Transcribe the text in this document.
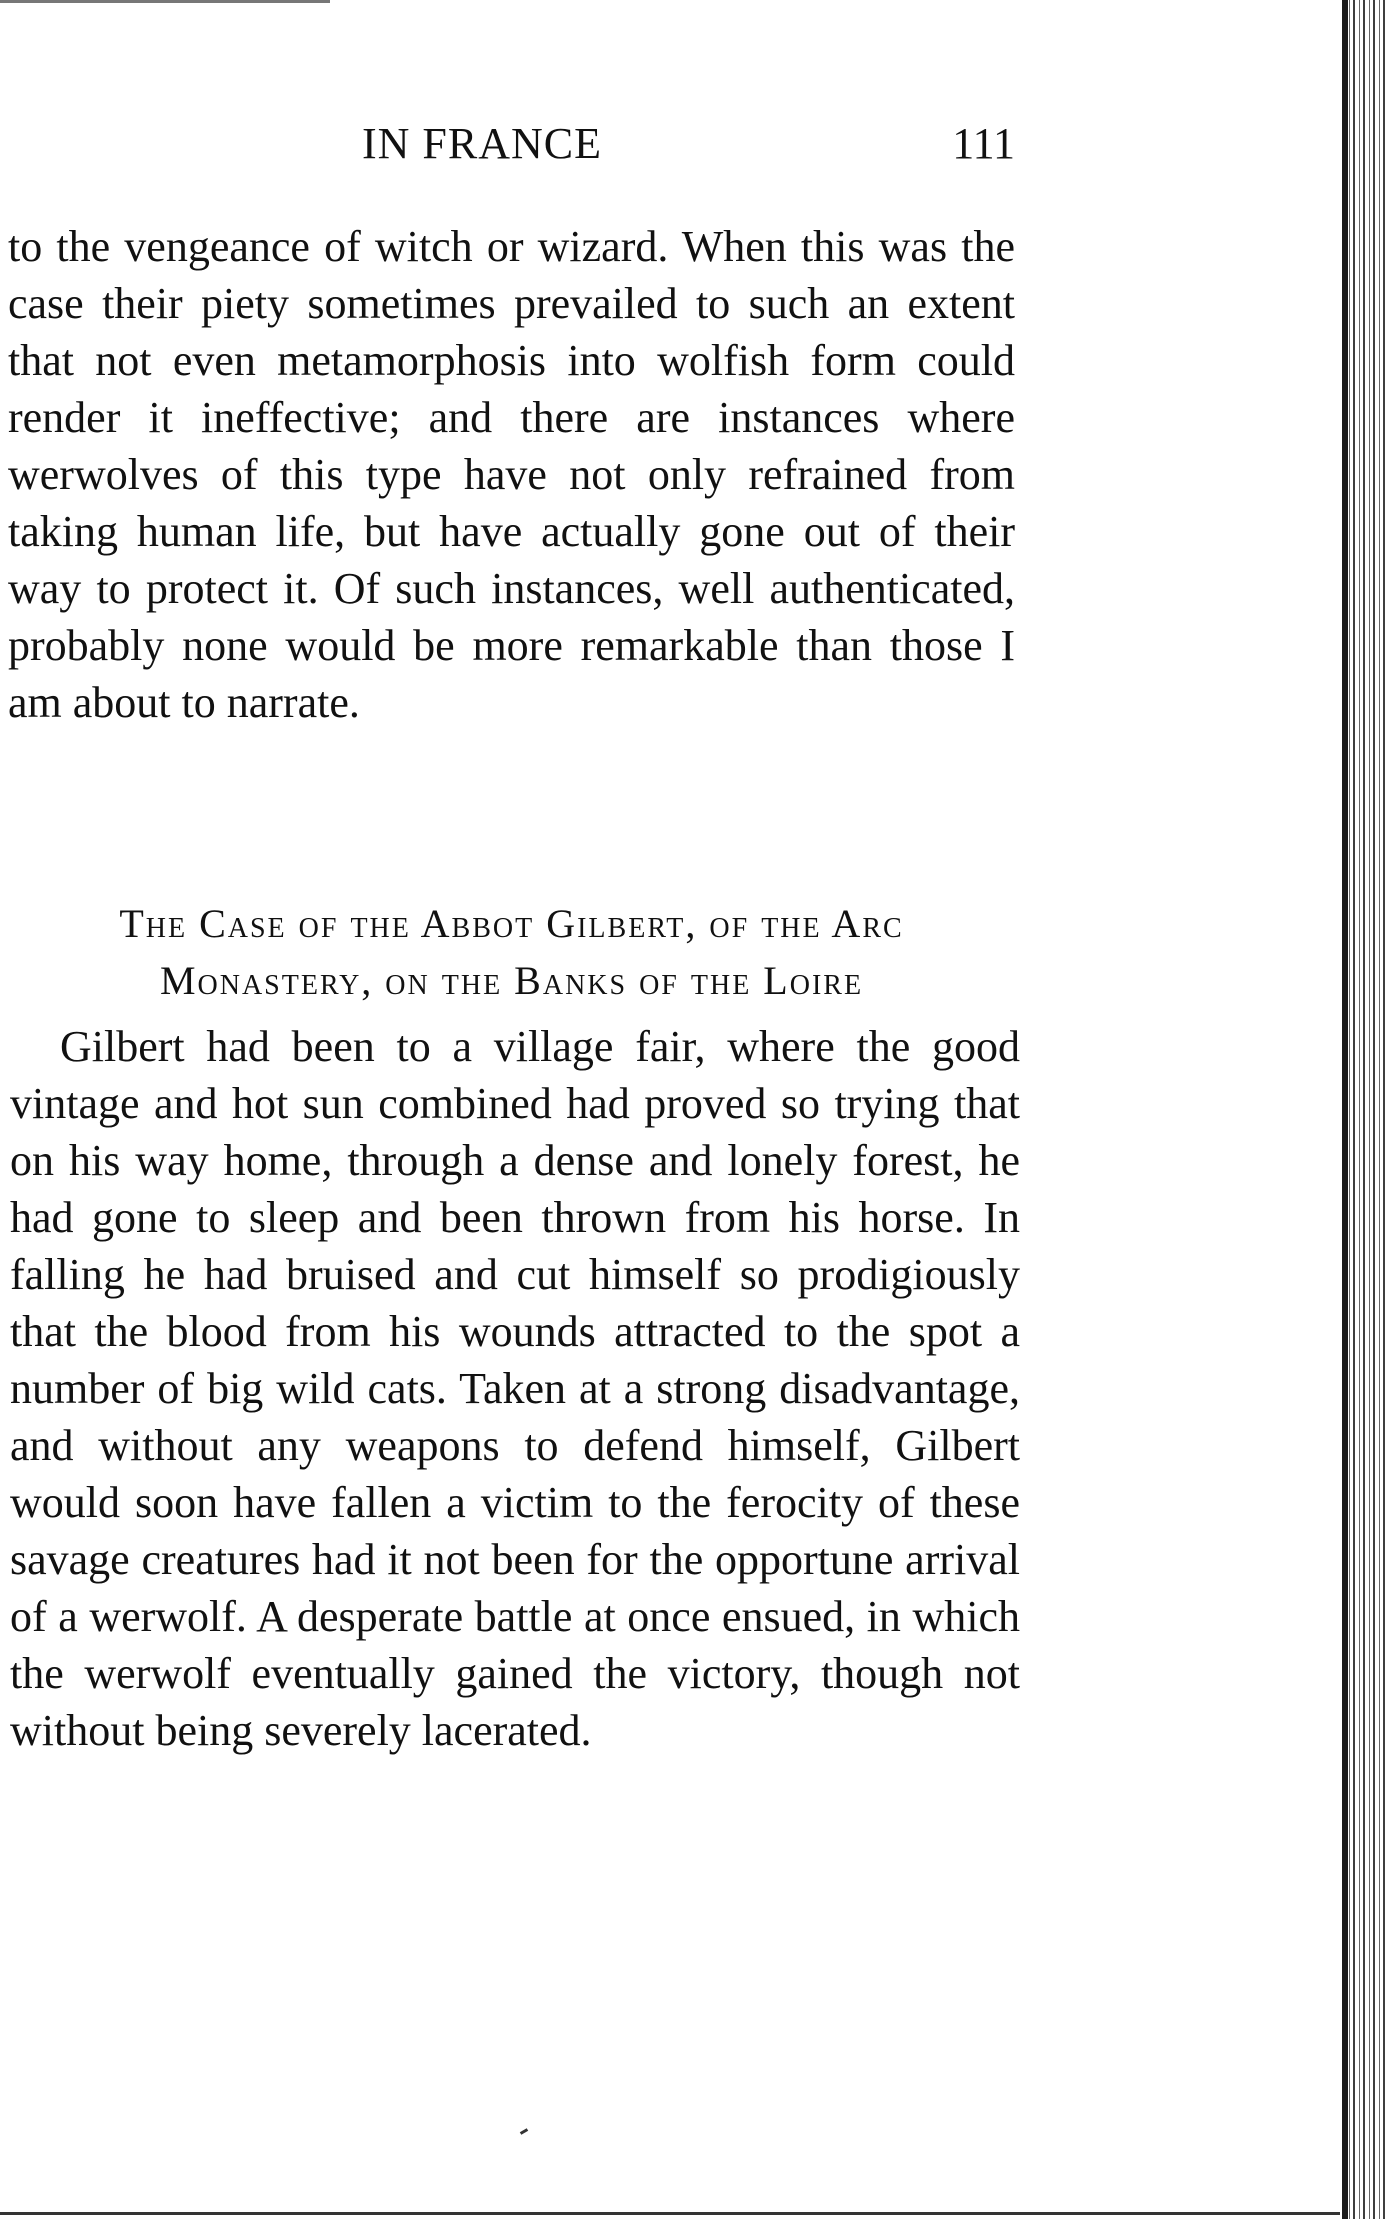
IN FRANCE	111

to the vengeance of witch or wizard. When this was the case their piety sometimes prevailed to such an extent that not even metamorphosis into wolfish form could render it ineffective; and there are instances where werwolves of this type have not only refrained from taking human life, but have actually gone out of their way to protect it. Of such instances, well authenticated, probably none would be more remarkable than those I am about to narrate.

The Case of the Abbot Gilbert, of the Arc
Monastery, on the Banks of the Loire

Gilbert had been to a village fair, where the good vintage and hot sun combined had proved so trying that on his way home, through a dense and lonely forest, he had gone to sleep and been thrown from his horse. In falling he had bruised and cut himself so prodigiously that the blood from his wounds attracted to the spot a number of big wild cats. Taken at a strong disadvantage, and without any weapons to defend himself, Gilbert would soon have fallen a victim to the ferocity of these savage creatures had it not been for the opportune arrival of a werwolf. A desperate battle at once ensued, in which the werwolf eventually gained the victory, though not without being severely lacerated.
